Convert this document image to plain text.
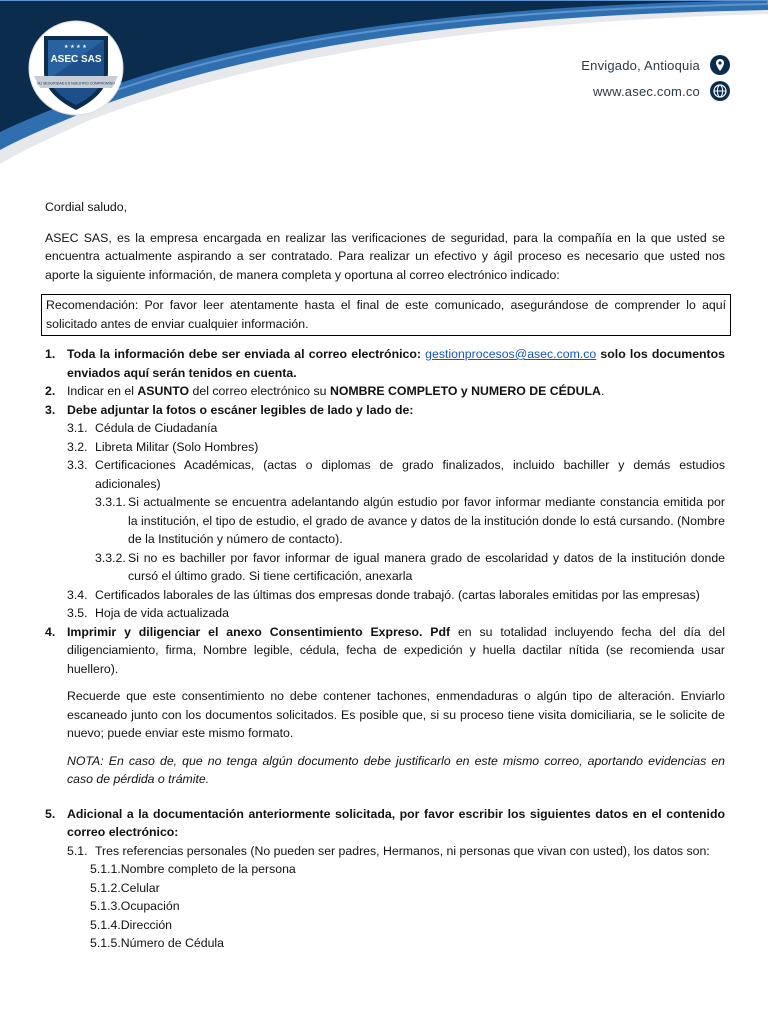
★ ★ ★ ★
ASEC SAS
SU SEGURIDAD ES NUESTRO COMPROMISO
Envigado, Antioquia
www.asec.com.co

Cordial saludo,

ASEC SAS, es la empresa encargada en realizar las verificaciones de seguridad, para la compañía en la que usted se encuentra actualmente aspirando a ser contratado. Para realizar un efectivo y ágil proceso es necesario que usted nos aporte la siguiente información, de manera completa y oportuna al correo electrónico indicado:

Recomendación: Por favor leer atentamente hasta el final de este comunicado, asegurándose de comprender lo aquí solicitado antes de enviar cualquier información.
1. Toda la información debe ser enviada al correo electrónico: gestionprocesos@asec.com.co solo los documentos enviados aquí serán tenidos en cuenta.
2. Indicar en el ASUNTO del correo electrónico su NOMBRE COMPLETO y NUMERO DE CÉDULA.
3. Debe adjuntar la fotos o escáner legibles de lado y lado de:
3.1. Cédula de Ciudadanía
3.2. Libreta Militar (Solo Hombres)
3.3. Certificaciones Académicas, (actas o diplomas de grado finalizados, incluido bachiller y demás estudios adicionales)
3.3.1. Si actualmente se encuentra adelantando algún estudio por favor informar mediante constancia emitida por la institución, el tipo de estudio, el grado de avance y datos de la institución donde lo está cursando. (Nombre de la Institución y número de contacto).
3.3.2. Si no es bachiller por favor informar de igual manera grado de escolaridad y datos de la institución donde cursó el último grado. Si tiene certificación, anexarla
3.4. Certificados laborales de las últimas dos empresas donde trabajó. (cartas laborales emitidas por las empresas)
3.5. Hoja de vida actualizada
4. Imprimir y diligenciar el anexo Consentimiento Expreso. Pdf en su totalidad incluyendo fecha del día del diligenciamiento, firma, Nombre legible, cédula, fecha de expedición y huella dactilar nítida (se recomienda usar huellero).
Recuerde que este consentimiento no debe contener tachones, enmendaduras o algún tipo de alteración. Enviarlo escaneado junto con los documentos solicitados. Es posible que, si su proceso tiene visita domiciliaria, se le solicite de nuevo; puede enviar este mismo formato.
NOTA: En caso de, que no tenga algún documento debe justificarlo en este mismo correo, aportando evidencias en caso de pérdida o trámite.
5. Adicional a la documentación anteriormente solicitada, por favor escribir los siguientes datos en el contenido correo electrónico:
5.1. Tres referencias personales (No pueden ser padres, Hermanos, ni personas que vivan con usted), los datos son:
5.1.1.Nombre completo de la persona
5.1.2.Celular
5.1.3.Ocupación
5.1.4.Dirección
5.1.5.Número de Cédula
